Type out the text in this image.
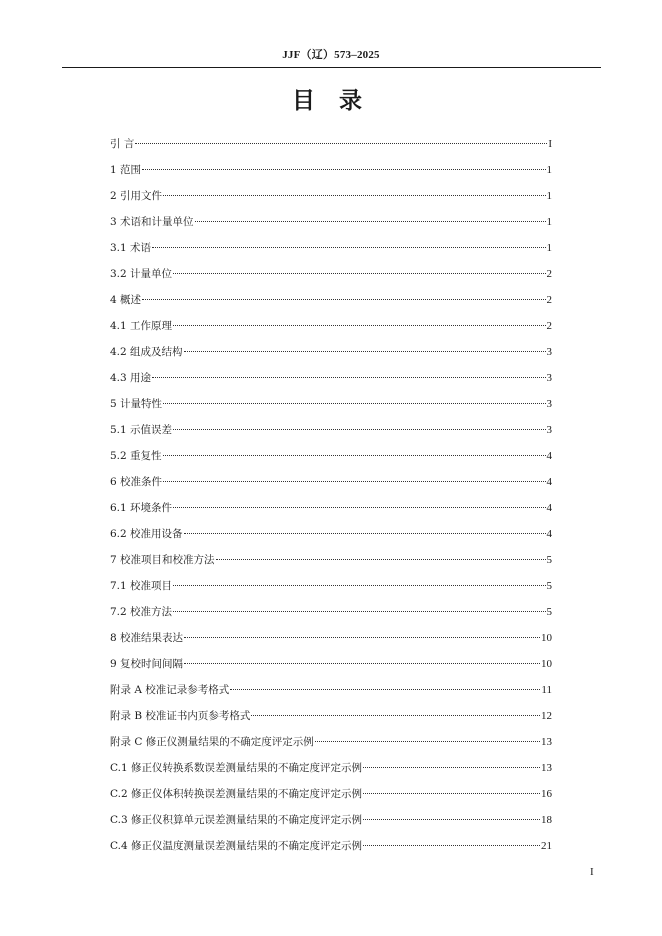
JJF（辽）573–2025
目 录
引 言	I
1 范围	1
2 引用文件	1
3 术语和计量单位	1
3.1 术语	1
3.2 计量单位	2
4 概述	2
4.1 工作原理	2
4.2 组成及结构	3
4.3 用途	3
5 计量特性	3
5.1 示值误差	3
5.2 重复性	4
6 校准条件	4
6.1 环境条件	4
6.2 校准用设备	4
7 校准项目和校准方法	5
7.1 校准项目	5
7.2 校准方法	5
8 校准结果表达	10
9 复校时间间隔	10
附录 A 校准记录参考格式	11
附录 B 校准证书内页参考格式	12
附录 C 修正仪测量结果的不确定度评定示例	13
C.1 修正仪转换系数误差测量结果的不确定度评定示例	13
C.2 修正仪体积转换误差测量结果的不确定度评定示例	16
C.3 修正仪积算单元误差测量结果的不确定度评定示例	18
C.4 修正仪温度测量误差测量结果的不确定度评定示例	21
I
